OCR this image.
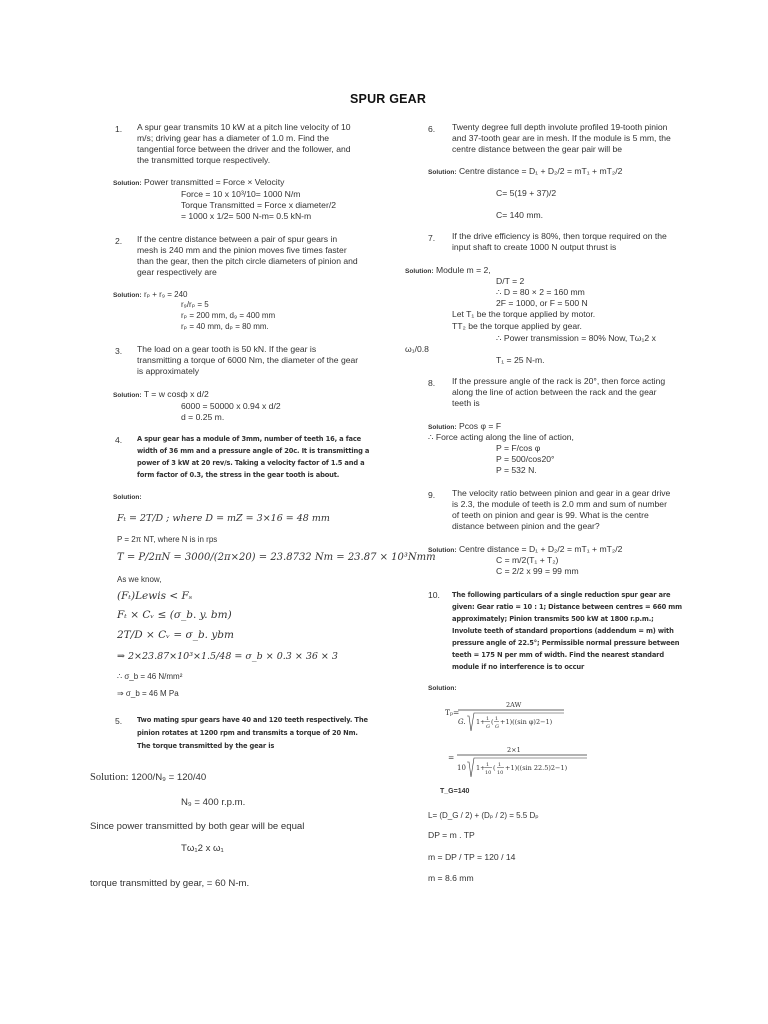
SPUR GEAR
1. A spur gear transmits 10 kW at a pitch line velocity of 10
m/s; driving gear has a diameter of 1.0 m. Find the
tangential force between the driver and the follower, and
the transmitted torque respectively.
Solution: Power transmitted = Force × Velocity
Force = 10 x 10³/10= 1000 N/m
Torque Transmitted = Force x diameter/2
= 1000 x 1/2= 500 N-m= 0.5 kN-m
2. If the centre distance between a pair of spur gears in
mesh is 240 mm and the pinion moves five times faster
than the gear, then the pitch circle diameters of pinion and
gear respectively are
Solution: rₚ + r₉ = 240
r₉/rₚ = 5
rₚ = 200 mm, d₉ = 400 mm
rₚ = 40 mm, dₚ = 80 mm.
3. The load on a gear tooth is 50 kN. If the gear is
transmitting a torque of 6000 Nm, the diameter of the gear
is approximately
Solution: T = w cosф x d/2
6000 = 50000 x 0.94 x d/2
d = 0.25 m.
4. A spur gear has a module of 3mm, number of teeth 16, a face
width of 36 mm and a pressure angle of 20c. It is transmitting a
power of 3 kW at 20 rev/s. Taking a velocity factor of 1.5 and a
form factor of 0.3, the stress in the gear tooth is about.
Solution:
Fₜ = 2T/D ; where D = mZ = 3×16 = 48 mm
P = 2π NT, where N is in rps
T = P/2πN = 3000/(2π×20) = 23.8732 Nm = 23.87 × 10³Nmm
As we know,
(Fₜ)Lewis < Fₛ
Fₜ × Cᵥ ≤ (σ_b. y. bm)
2T/D × Cᵥ = σ_b. ybm
⇒ 2×23.87×10³×1.5/48 = σ_b × 0.3 × 36 × 3
∴ σ_b = 46 N/mm²
⇒ σ_b = 46 M Pa
5. Two mating spur gears have 40 and 120 teeth respectively. The
pinion rotates at 1200 rpm and transmits a torque of 20 Nm.
The torque transmitted by the gear is
Solution: 1200/N₉ = 120/40
N₉ = 400 r.p.m.
Since power transmitted by both gear will be equal
Tω₁2 x ω₁
torque transmitted by gear, = 60 N-m.
6. Twenty degree full depth involute profiled 19-tooth pinion
and 37-tooth gear are in mesh. If the module is 5 mm, the
centre distance between the gear pair will be
Solution: Centre distance = D₁ + D₂/2 = mT₁ + mT₂/2
C= 5(19 + 37)/2
C= 140 mm.
7. If the drive efficiency is 80%, then torque required on the
input shaft to create 1000 N output thrust is
Solution: Module m = 2,
D/T = 2
∴ D = 80 × 2 = 160 mm
2F = 1000, or F = 500 N
Let T₁ be the torque applied by motor.
TT₂ be the torque applied by gear.
∴ Power transmission = 80% Now, Tω₁2 x
ω₁/0.8
T₁ = 25 N-m.
8. If the pressure angle of the rack is 20°, then force acting
along the line of action between the rack and the gear
teeth is
Solution: Pcos φ = F
∴ Force acting along the line of action,
P = F/cos φ
P = 500/cos20°
P = 532 N.
9. The velocity ratio between pinion and gear in a gear drive
is 2.3, the module of teeth is 2.0 mm and sum of number
of teeth on pinion and gear is 99. What is the centre
distance between pinion and the gear?
Solution: Centre distance = D₁ + D₂/2 = mT₁ + mT₂/2
C = m/2(T₁ + T₂)
C = 2/2 x 99 = 99 mm
10. The following particulars of a single reduction spur gear are
given: Gear ratio = 10 : 1; Distance between centres = 660 mm
approximately; Pinion transmits 500 kW at 1800 r.p.m.;
Involute teeth of standard proportions (addendum = m) with
pressure angle of 22.5°; Permissible normal pressure between
teeth = 175 N per mm of width. Find the nearest standard
module if no interference is to occur
Solution:
Tₚ=
2AW
G. 1+ 1
G
( 1
G
+1)((sin φ)2−1)
=
2×1
10 1+ 1
10
( 1
10
+1)((sin 22.5)2−1)
T_G=140
L= (D_G / 2) + (Dₚ / 2) = 5.5 Dₚ
DP = m . TP
m = DP / TP = 120 / 14
m = 8.6 mm
